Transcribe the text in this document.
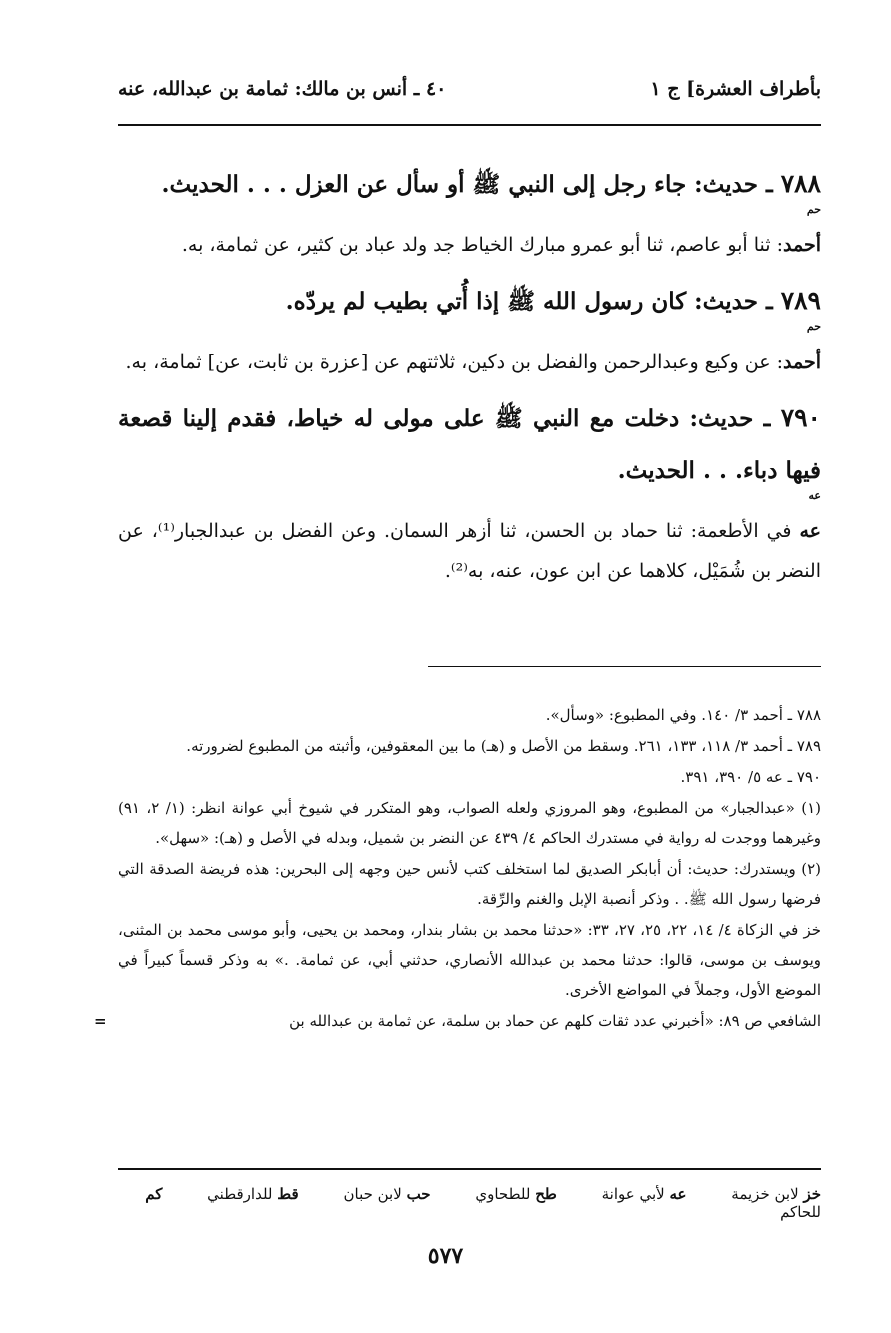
بأطراف العشرة] ج ١
٤٠ ـ أنس بن مالك: ثمامة بن عبدالله، عنه

٧٨٨ ـ حديث: جاء رجل إلى النبي ﷺ أو سأل عن العزل . . . الحديث.

حم

أحمد: ثنا أبو عاصم، ثنا أبو عمرو مبارك الخياط جد ولد عباد بن كثير، عن ثمامة، به.

٧٨٩ ـ حديث: كان رسول الله ﷺ إذا أُتي بطيب لم يردّه.

حم

أحمد: عن وكيع وعبدالرحمن والفضل بن دكين، ثلاثتهم عن [عزرة بن ثابت، عن] ثمامة، به.

٧٩٠ ـ حديث: دخلت مع النبي ﷺ على مولى له خياط، فقدم إلينا قصعة فيها دباء. . . الحديث.

عه

عه في الأطعمة: ثنا حماد بن الحسن، ثنا أزهر السمان. وعن الفضل بن عبدالجبار⁽¹⁾، عن النضر بن شُمَيْل، كلاهما عن ابن عون، عنه، به⁽²⁾.

٧٨٨ ـ أحمد ٣/ ١٤٠. وفي المطبوع: «وسأل».

٧٨٩ ـ أحمد ٣/ ١١٨، ١٣٣، ٢٦١. وسقط من الأصل و (هـ) ما بين المعقوفين، وأثبته من المطبوع لضرورته.

٧٩٠ ـ عه ٥/ ٣٩٠، ٣٩١.

(١) «عبدالجبار» من المطبوع، وهو المروزي ولعله الصواب، وهو المتكرر في شيوخ أبي عوانة انظر: (١/ ٢، ٩١) وغيرهما ووجدت له رواية في مستدرك الحاكم ٤/ ٤٣٩ عن النضر بن شميل، وبدله في الأصل و (هـ): «سهل».

(٢) ويستدرك: حديث: أن أبابكر الصديق لما استخلف كتب لأنس حين وجهه إلى البحرين: هذه فريضة الصدقة التي فرضها رسول الله ﷺ. . وذكر أنصبة الإبل والغنم والرِّقة.

خز في الزكاة ٤/ ١٤، ٢٢، ٢٥، ٢٧، ٣٣: «حدثنا محمد بن بشار بندار، ومحمد بن يحيى، وأبو موسى محمد بن المثنى، ويوسف بن موسى، قالوا: حدثنا محمد بن عبدالله الأنصاري، حدثني أبي، عن ثمامة. .» به وذكر قسماً كبيراً في الموضع الأول، وجملاً في المواضع الأخرى.

الشافعي ص ٨٩: «أخبرني عدد ثقات كلهم عن حماد بن سلمة، عن ثمامة بن عبدالله بن =

خز لابن خزيمة عه لأبي عوانة طح للطحاوي حب لابن حبان قط للدارقطني كم للحاكم
٥٧٧
